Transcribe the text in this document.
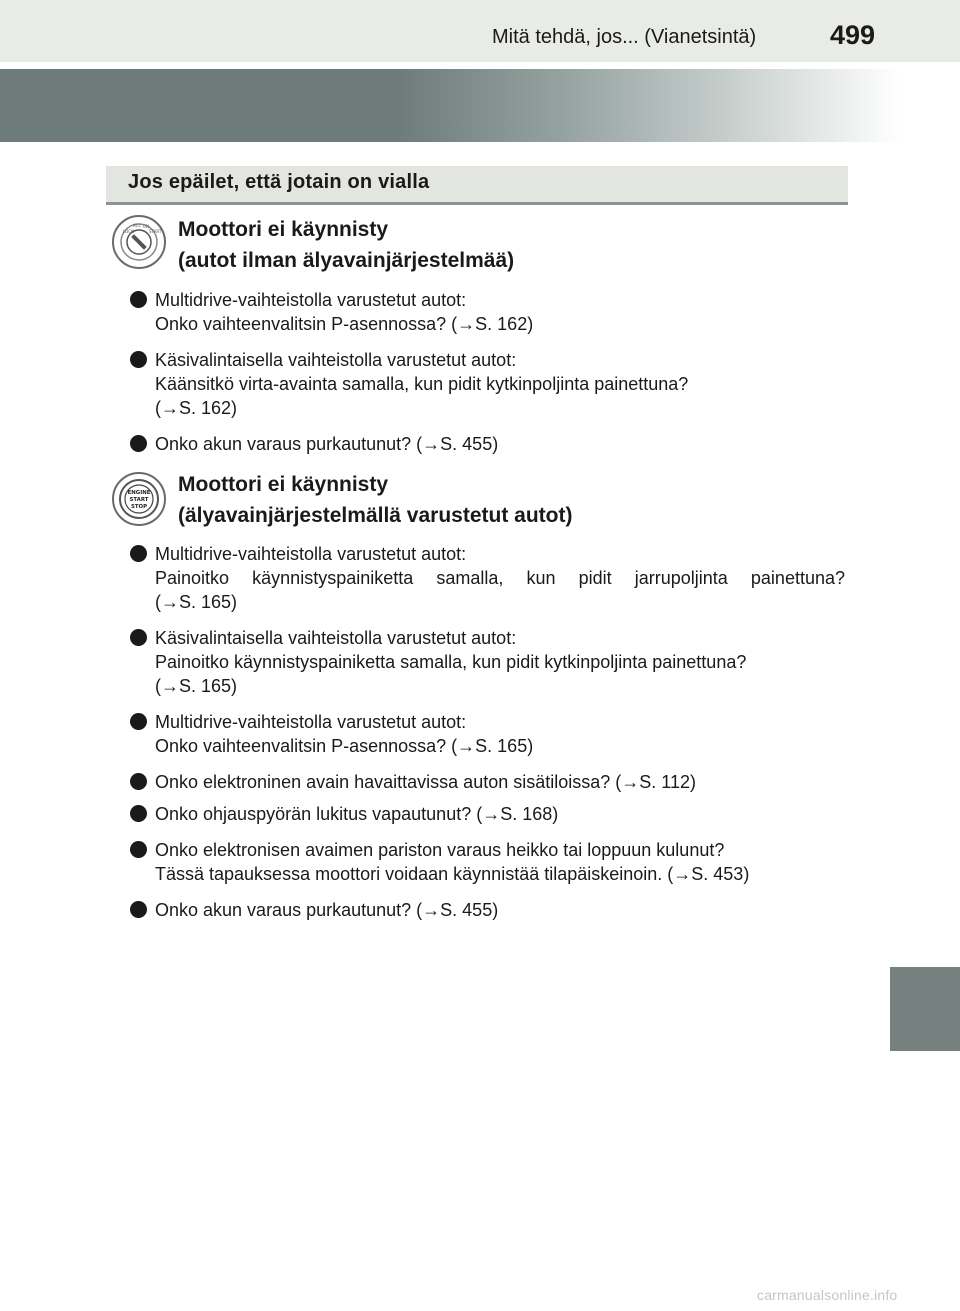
Mitä tehdä, jos... (Vianetsintä)	499
Jos epäilet, että jotain on vialla
LOCK
ACC ON
START Moottori ei käynnisty
(autot ilman älyavainjärjestelmää)
Multidrive-vaihteistolla varustetut autot:
Onko vaihteenvalitsin P-asennossa? (→S. 162)
Käsivalintaisella vaihteistolla varustetut autot:
Käänsitkö virta-avainta samalla, kun pidit kytkinpoljinta painettuna?
(→S. 162)
Onko akun varaus purkautunut? (→S. 455)
ENGINE
START
STOP
Moottori ei käynnisty
(älyavainjärjestelmällä varustetut autot)
Multidrive-vaihteistolla varustetut autot:
Painoitko käynnistyspainiketta samalla, kun pidit jarrupoljinta painettuna?
(→S. 165)
Käsivalintaisella vaihteistolla varustetut autot:
Painoitko käynnistyspainiketta samalla, kun pidit kytkinpoljinta painettuna?
(→S. 165)
Multidrive-vaihteistolla varustetut autot:
Onko vaihteenvalitsin P-asennossa? (→S. 165)
Onko elektroninen avain havaittavissa auton sisätiloissa? (→S. 112)
Onko ohjauspyörän lukitus vapautunut? (→S. 168)
Onko elektronisen avaimen pariston varaus heikko tai loppuun kulunut?
Tässä tapauksessa moottori voidaan käynnistää tilapäiskeinoin. (→S. 453)
Onko akun varaus purkautunut? (→S. 455)
carmanualsonline.info
